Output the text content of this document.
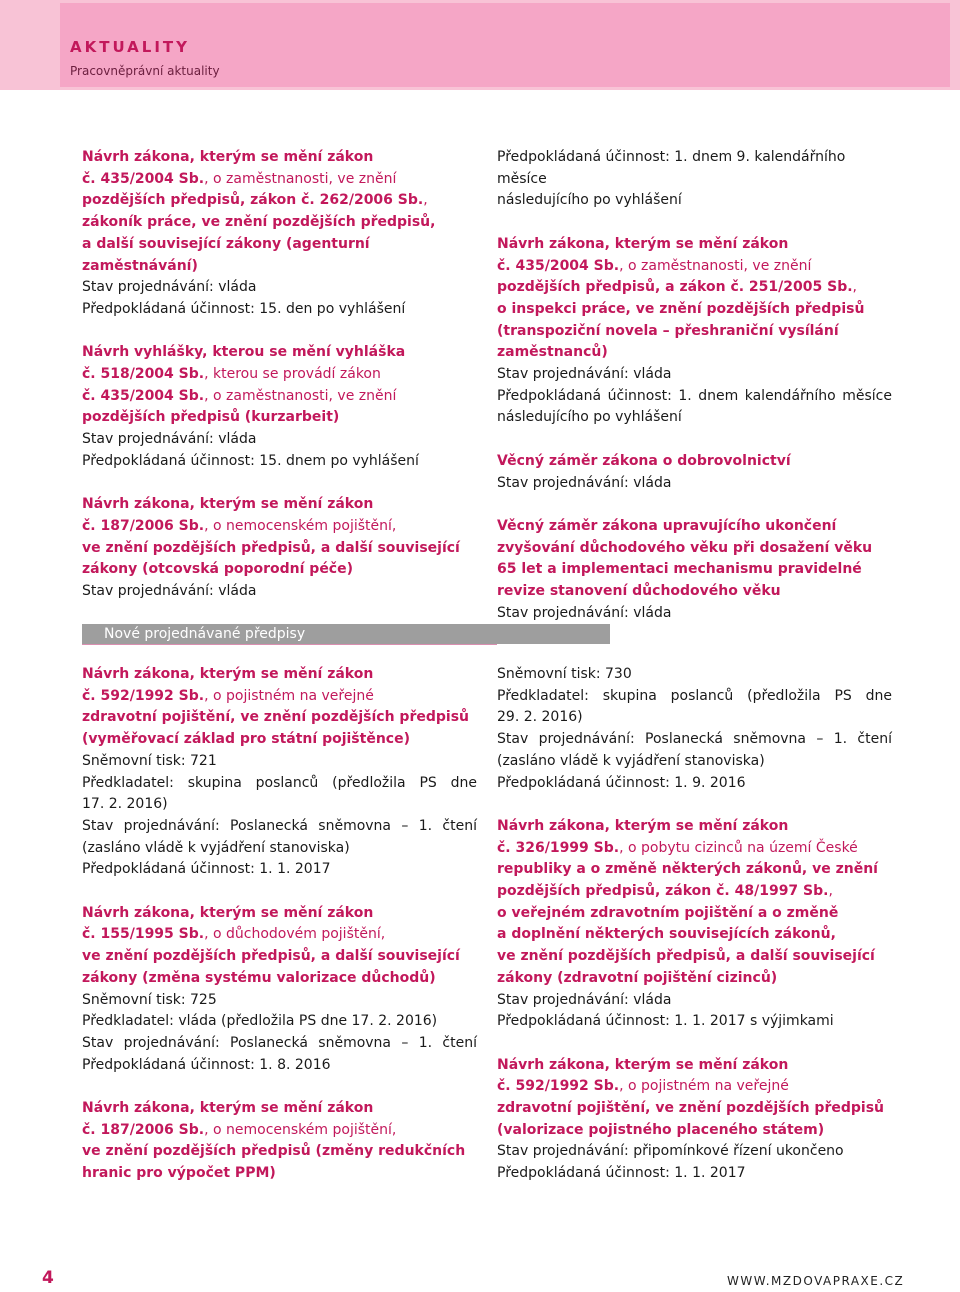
AKTUALITY
Pracovněprávní aktuality

Návrh zákona, kterým se mění zákon

č. 435/2004 Sb., o zaměstnanosti, ve znění

pozdějších předpisů, zákon č. 262/2006 Sb.,

zákoník práce, ve znění pozdějších předpisů,

a další související zákony (agenturní

zaměstnávání)

Stav projednávání: vláda

Předpokládaná účinnost: 15. den po vyhlášení

Návrh vyhlášky, kterou se mění vyhláška

č. 518/2004 Sb., kterou se provádí zákon

č. 435/2004 Sb., o zaměstnanosti, ve znění

pozdějších předpisů (kurzarbeit)

Stav projednávání: vláda

Předpokládaná účinnost: 15. dnem po vyhlášení

Návrh zákona, kterým se mění zákon

č. 187/2006 Sb., o nemocenském pojištění,

ve znění pozdějších předpisů, a další související

zákony (otcovská poporodní péče)

Stav projednávání: vláda

Předpokládaná účinnost: 1. dnem 9. kalendářního měsíce

následujícího po vyhlášení

Návrh zákona, kterým se mění zákon

č. 435/2004 Sb., o zaměstnanosti, ve znění

pozdějších předpisů, a zákon č. 251/2005 Sb.,

o inspekci práce, ve znění pozdějších předpisů

(transpoziční novela – přeshraniční vysílání

zaměstnanců)

Stav projednávání: vláda

Předpokládaná účinnost: 1. dnem kalendářního měsíce

následujícího po vyhlášení

Věcný záměr zákona o dobrovolnictví

Stav projednávání: vláda

Věcný záměr zákona upravujícího ukončení

zvyšování důchodového věku při dosažení věku

65 let a implementaci mechanismu pravidelné

revize stanovení důchodového věku

Stav projednávání: vláda

Nové projednávané předpisy

Návrh zákona, kterým se mění zákon

č. 592/1992 Sb., o pojistném na veřejné

zdravotní pojištění, ve znění pozdějších předpisů

(vyměřovací základ pro státní pojištěnce)

Sněmovní tisk: 721

Předkladatel: skupina poslanců (předložila PS dne

17. 2. 2016)

Stav projednávání: Poslanecká sněmovna – 1. čtení

(zasláno vládě k vyjádření stanoviska)

Předpokládaná účinnost: 1. 1. 2017

Návrh zákona, kterým se mění zákon

č. 155/1995 Sb., o důchodovém pojištění,

ve znění pozdějších předpisů, a další související

zákony (změna systému valorizace důchodů)

Sněmovní tisk: 725

Předkladatel: vláda (předložila PS dne 17. 2. 2016)

Stav projednávání: Poslanecká sněmovna – 1. čtení

Předpokládaná účinnost: 1. 8. 2016

Návrh zákona, kterým se mění zákon

č. 187/2006 Sb., o nemocenském pojištění,

ve znění pozdějších předpisů (změny redukčních

hranic pro výpočet PPM)

Sněmovní tisk: 730

Předkladatel: skupina poslanců (předložila PS dne

29. 2. 2016)

Stav projednávání: Poslanecká sněmovna – 1. čtení

(zasláno vládě k vyjádření stanoviska)

Předpokládaná účinnost: 1. 9. 2016

Návrh zákona, kterým se mění zákon

č. 326/1999 Sb., o pobytu cizinců na území České

republiky a o změně některých zákonů, ve znění

pozdějších předpisů, zákon č. 48/1997 Sb.,

o veřejném zdravotním pojištění a o změně

a doplnění některých souvisejících zákonů,

ve znění pozdějších předpisů, a další související

zákony (zdravotní pojištění cizinců)

Stav projednávání: vláda

Předpokládaná účinnost: 1. 1. 2017 s výjimkami

Návrh zákona, kterým se mění zákon

č. 592/1992 Sb., o pojistném na veřejné

zdravotní pojištění, ve znění pozdějších předpisů

(valorizace pojistného placeného státem)

Stav projednávání: připomínkové řízení ukončeno

Předpokládaná účinnost: 1. 1. 2017

4	WWW.MZDOVAPRAXE.CZ
